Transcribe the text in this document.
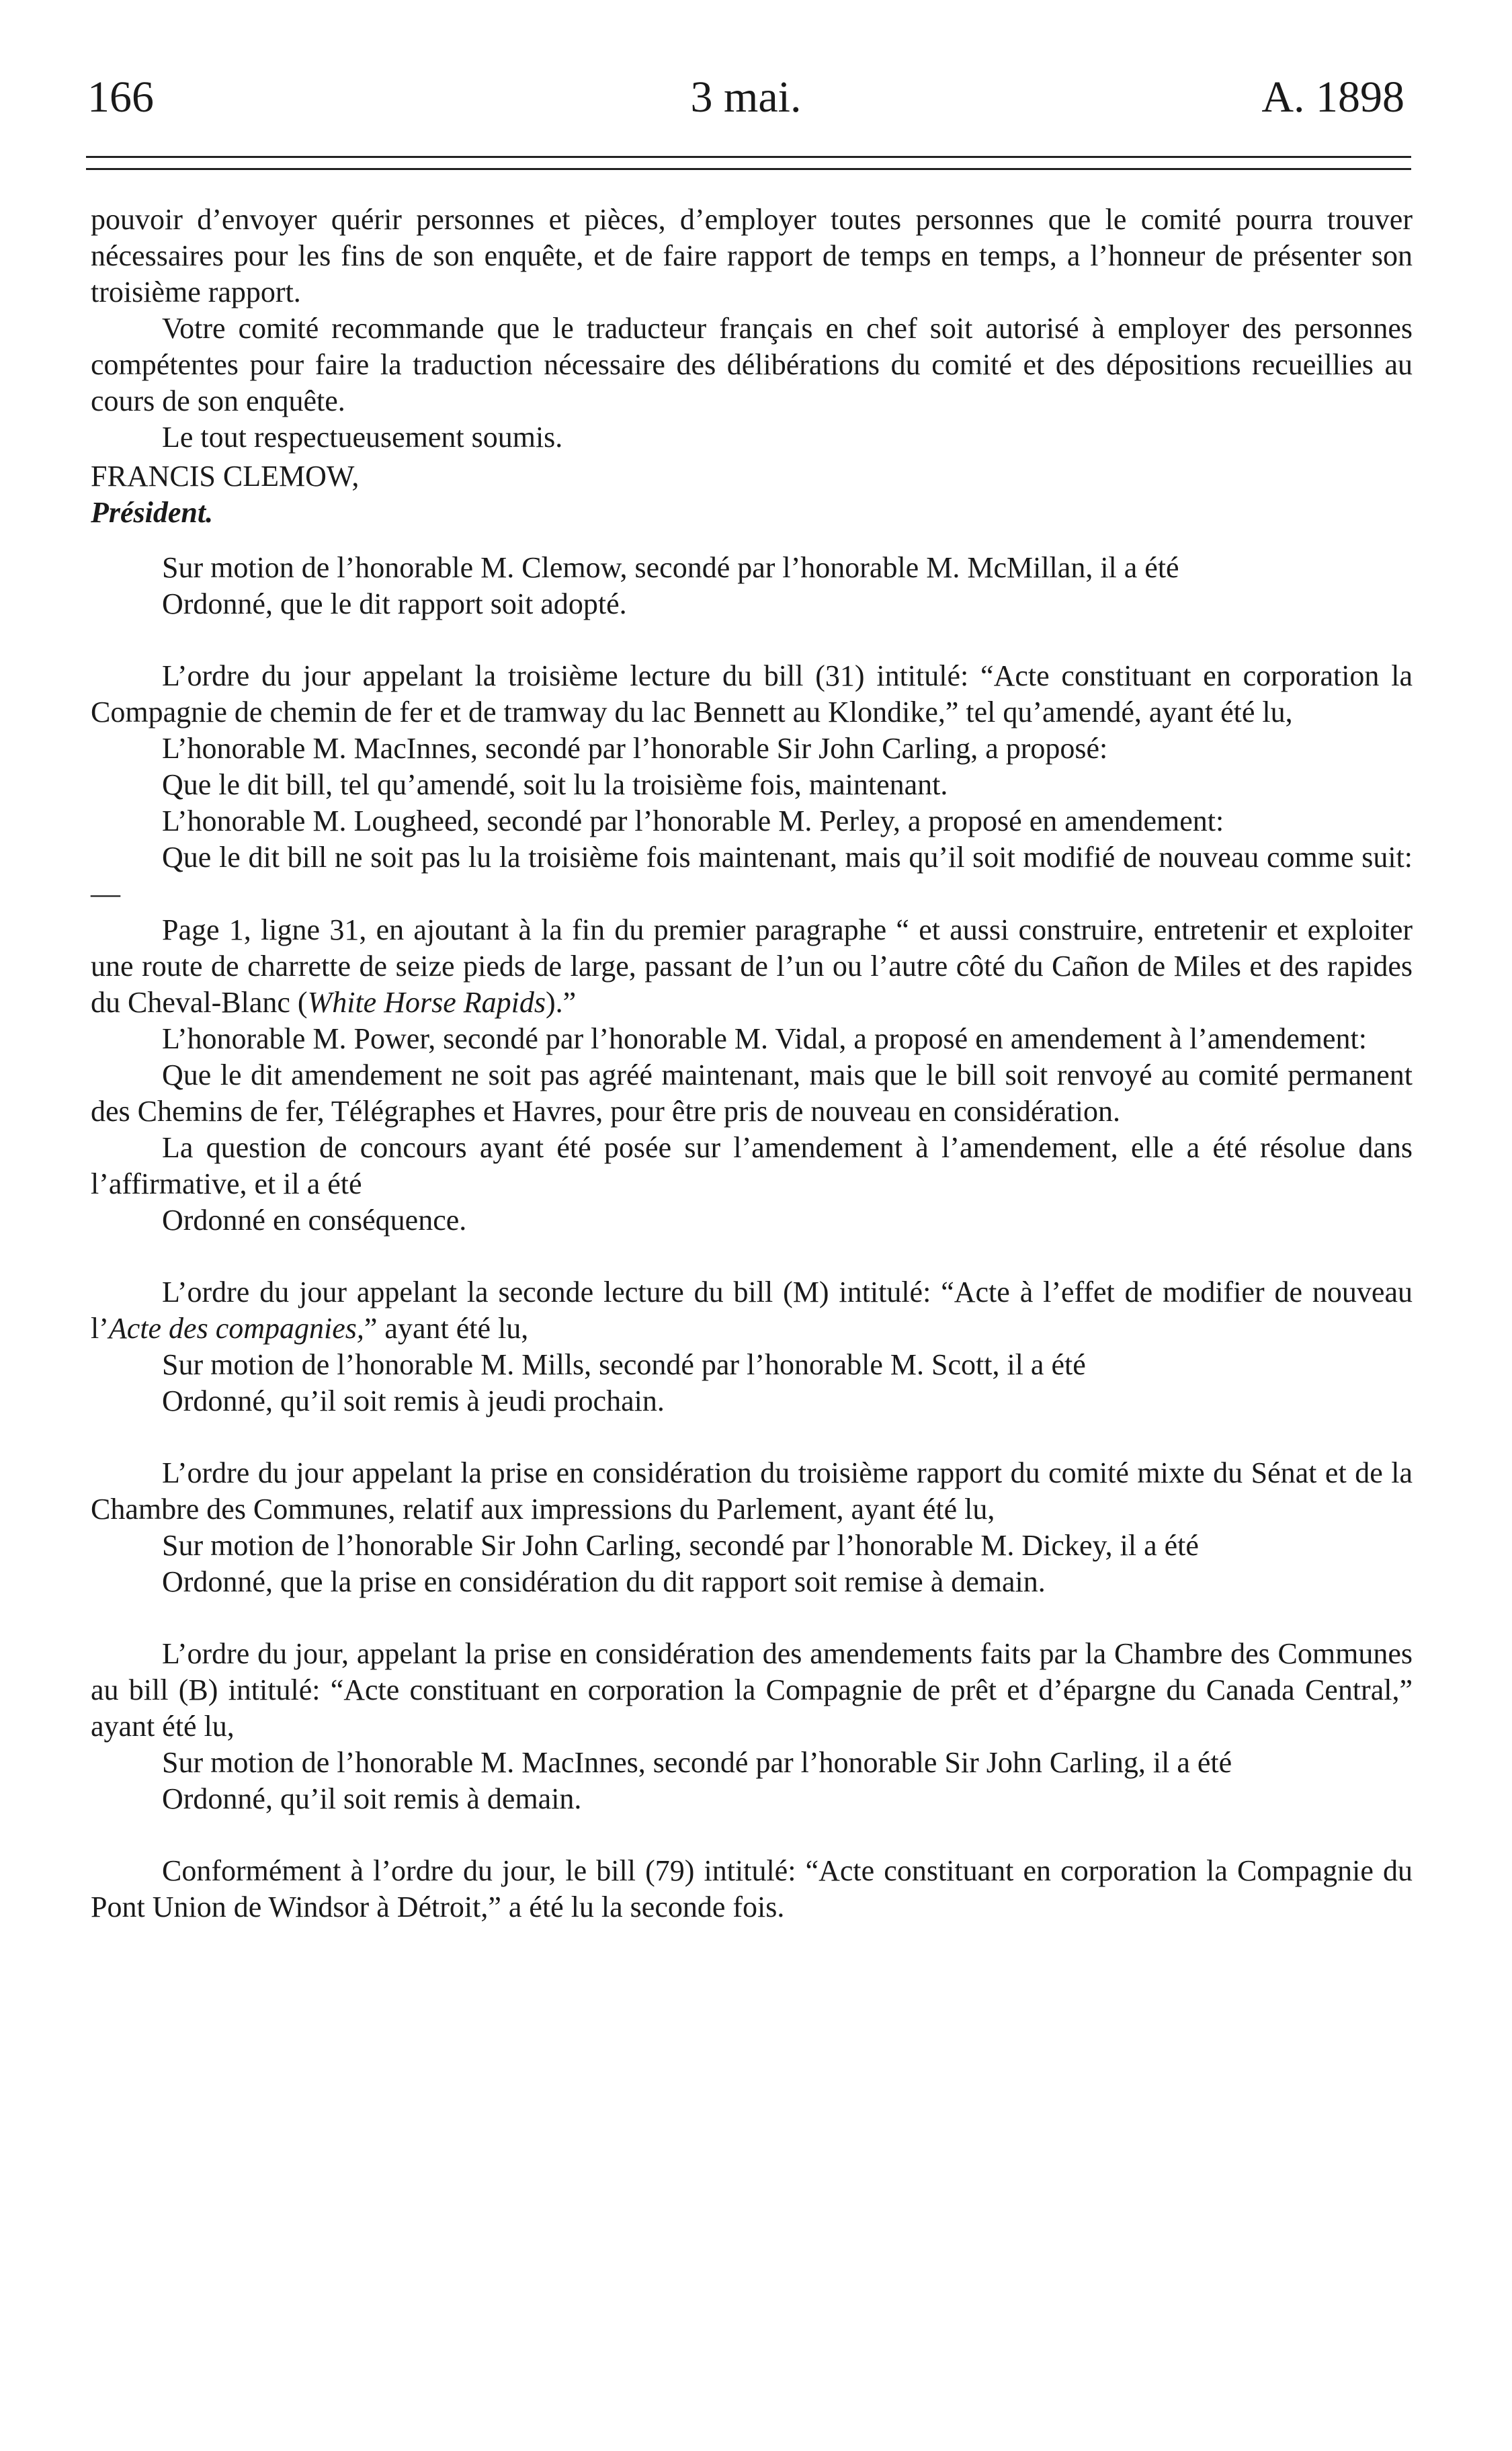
166	3 mai.	A. 1898

pouvoir d’envoyer quérir personnes et pièces, d’employer toutes personnes que le comité pourra trouver nécessaires pour les fins de son enquête, et de faire rapport de temps en temps, a l’honneur de présenter son troisième rapport.

Votre comité recommande que le traducteur français en chef soit autorisé à employer des personnes compétentes pour faire la traduction nécessaire des délibérations du comité et des dépositions recueillies au cours de son enquête.

Le tout respectueusement soumis.

FRANCIS CLEMOW,

Président.

Sur motion de l’honorable M. Clemow, secondé par l’honorable M. McMillan, il a été

Ordonné, que le dit rapport soit adopté.

L’ordre du jour appelant la troisième lecture du bill (31) intitulé: “Acte constituant en corporation la Compagnie de chemin de fer et de tramway du lac Bennett au Klondike,” tel qu’amendé, ayant été lu,

L’honorable M. MacInnes, secondé par l’honorable Sir John Carling, a proposé:

Que le dit bill, tel qu’amendé, soit lu la troisième fois, maintenant.

L’honorable M. Lougheed, secondé par l’honorable M. Perley, a proposé en amendement:

Que le dit bill ne soit pas lu la troisième fois maintenant, mais qu’il soit modifié de nouveau comme suit:—

Page 1, ligne 31, en ajoutant à la fin du premier paragraphe “ et aussi construire, entretenir et exploiter une route de charrette de seize pieds de large, passant de l’un ou l’autre côté du Cañon de Miles et des rapides du Cheval-Blanc (White Horse Rapids).”

L’honorable M. Power, secondé par l’honorable M. Vidal, a proposé en amendement à l’amendement:

Que le dit amendement ne soit pas agréé maintenant, mais que le bill soit renvoyé au comité permanent des Chemins de fer, Télégraphes et Havres, pour être pris de nouveau en considération.

La question de concours ayant été posée sur l’amendement à l’amendement, elle a été résolue dans l’affirmative, et il a été

Ordonné en conséquence.

L’ordre du jour appelant la seconde lecture du bill (M) intitulé: “Acte à l’effet de modifier de nouveau l’Acte des compagnies,” ayant été lu,

Sur motion de l’honorable M. Mills, secondé par l’honorable M. Scott, il a été

Ordonné, qu’il soit remis à jeudi prochain.

L’ordre du jour appelant la prise en considération du troisième rapport du comité mixte du Sénat et de la Chambre des Communes, relatif aux impressions du Parlement, ayant été lu,

Sur motion de l’honorable Sir John Carling, secondé par l’honorable M. Dickey, il a été

Ordonné, que la prise en considération du dit rapport soit remise à demain.

L’ordre du jour, appelant la prise en considération des amendements faits par la Chambre des Communes au bill (B) intitulé: “Acte constituant en corporation la Compagnie de prêt et d’épargne du Canada Central,” ayant été lu,

Sur motion de l’honorable M. MacInnes, secondé par l’honorable Sir John Carling, il a été

Ordonné, qu’il soit remis à demain.

Conformément à l’ordre du jour, le bill (79) intitulé: “Acte constituant en corporation la Compagnie du Pont Union de Windsor à Détroit,” a été lu la seconde fois.
